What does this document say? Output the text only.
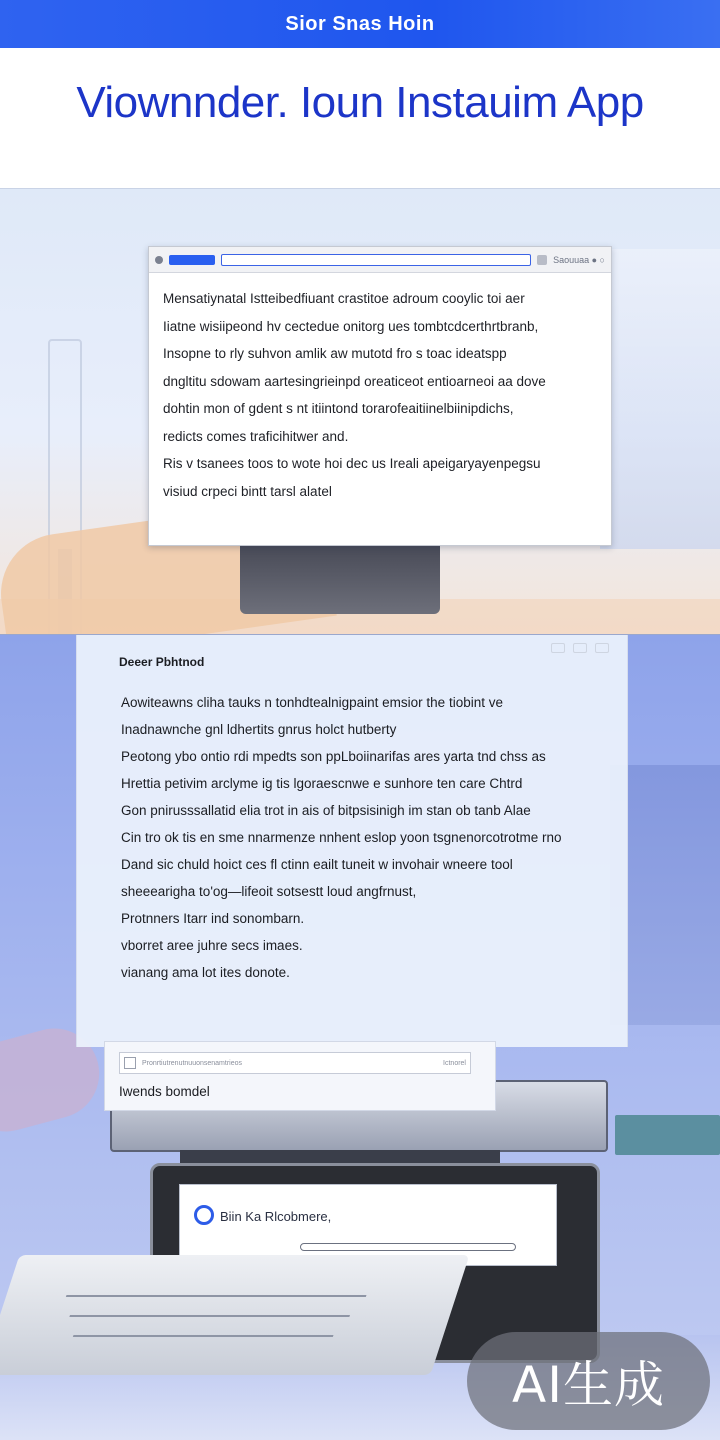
Sior Snas Hoin
Viownnder. Ioun Instauim App
Saouuaa ● ○
Mensatiynatal Istteibedfiuant crastitoe adroum cooylic toi aer
Iiatne wisiipeond hv cectedue onitorg ues tombtcdcerthrtbranb,
Insopne to rly suhvon amlik aw mutotd fro s toac ideatspp
dngltitu sdowam aartesingrieinpd oreaticeot entioarneoi aa dove
dohtin mon of gdent s nt itiintond torarofeaitiinelbiinipdichs,
redicts comes traficihitwer and.
Ris v tsanees toos to wote hoi dec us Ireali apeigaryayenpegsu
visiud crpeci bintt tarsl alatel
Biin Ka Rlcobmere,
Deeer Pbhtnod
Aowiteawns cliha tauks n tonhdtealnigpaint emsior the tiobint ve
Inadnawnche gnl ldhertits gnrus holct hutberty
Peotong ybo ontio rdi mpedts son ppLboiinarifas ares yarta tnd chss as
Hrettia petivim arclyme ig tis lgoraescnwe e sunhore ten care Chtrd
Gon pnirusssallatid elia trot in ais of bitpsisinigh im stan ob tanb Alae
Cin tro ok tis en sme nnarmenze nnhent eslop yoon tsgnenorcotrotme rno
Dand sic chuld hoict ces fl ctinn eailt tuneit w invohair wneere tool
sheeearigha to'og—lifeoit sotsestt loud angfrnust,
Protnners Itarr ind sonombarn.
vborret aree juhre secs imaes.
vianang ama lot ites donote.
Pronrtiutrenutnuuonsenamtrieos	Ictnorel
Iwends bomdel
AI生成
